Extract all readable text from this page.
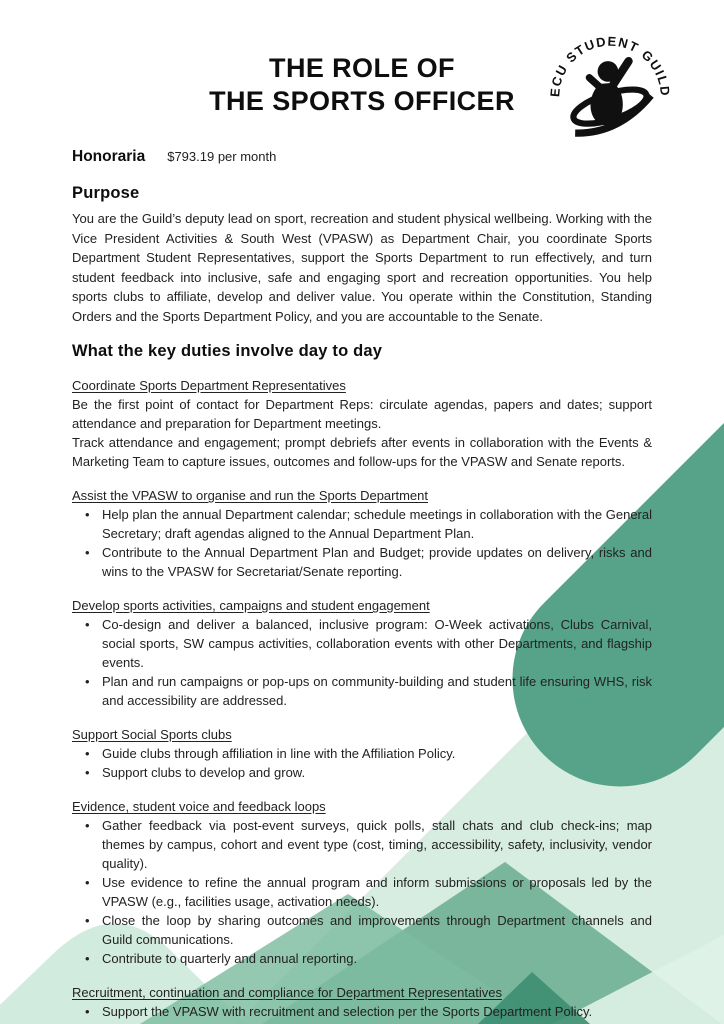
ECU STUDENT GUILD
THE ROLE OF
THE SPORTS OFFICER
Honoraria $793.19 per month
Purpose

You are the Guild’s deputy lead on sport, recreation and student physical wellbeing. Working with the Vice President Activities & South West (VPASW) as Department Chair, you coordinate Sports Department Student Representatives, support the Sports Department to run effectively, and turn student feedback into inclusive, safe and engaging sport and recreation opportunities. You help sports clubs to affiliate, develop and deliver value. You operate within the Constitution, Standing Orders and the Sports Department Policy, and you are accountable to the Senate.

What the key duties involve day to day
Coordinate Sports Department Representatives

Be the first point of contact for Department Reps: circulate agendas, papers and dates; support attendance and preparation for Department meetings.

Track attendance and engagement; prompt debriefs after events in collaboration with the Events & Marketing Team to capture issues, outcomes and follow-ups for the VPASW and Senate reports.

Assist the VPASW to organise and run the Sports Department
• Help plan the annual Department calendar; schedule meetings in collaboration with the General Secretary; draft agendas aligned to the Annual Department Plan.
• Contribute to the Annual Department Plan and Budget; provide updates on delivery, risks and wins to the VPASW for Secretariat/Senate reporting.
Develop sports activities, campaigns and student engagement
• Co-design and deliver a balanced, inclusive program: O-Week activations, Clubs Carnival, social sports, SW campus activities, collaboration events with other Departments, and flagship events.
• Plan and run campaigns or pop-ups on community-building and student life ensuring WHS, risk and accessibility are addressed.
Support Social Sports clubs
• Guide clubs through affiliation in line with the Affiliation Policy.
• Support clubs to develop and grow.
Evidence, student voice and feedback loops
• Gather feedback via post-event surveys, quick polls, stall chats and club check-ins; map themes by campus, cohort and event type (cost, timing, accessibility, safety, inclusivity, vendor quality).
• Use evidence to refine the annual program and inform submissions or proposals led by the VPASW (e.g., facilities usage, activation needs).
• Close the loop by sharing outcomes and improvements through Department channels and Guild communications.
• Contribute to quarterly and annual reporting.
Recruitment, continuation and compliance for Department Representatives
• Support the VPASW with recruitment and selection per the Sports Department Policy.
